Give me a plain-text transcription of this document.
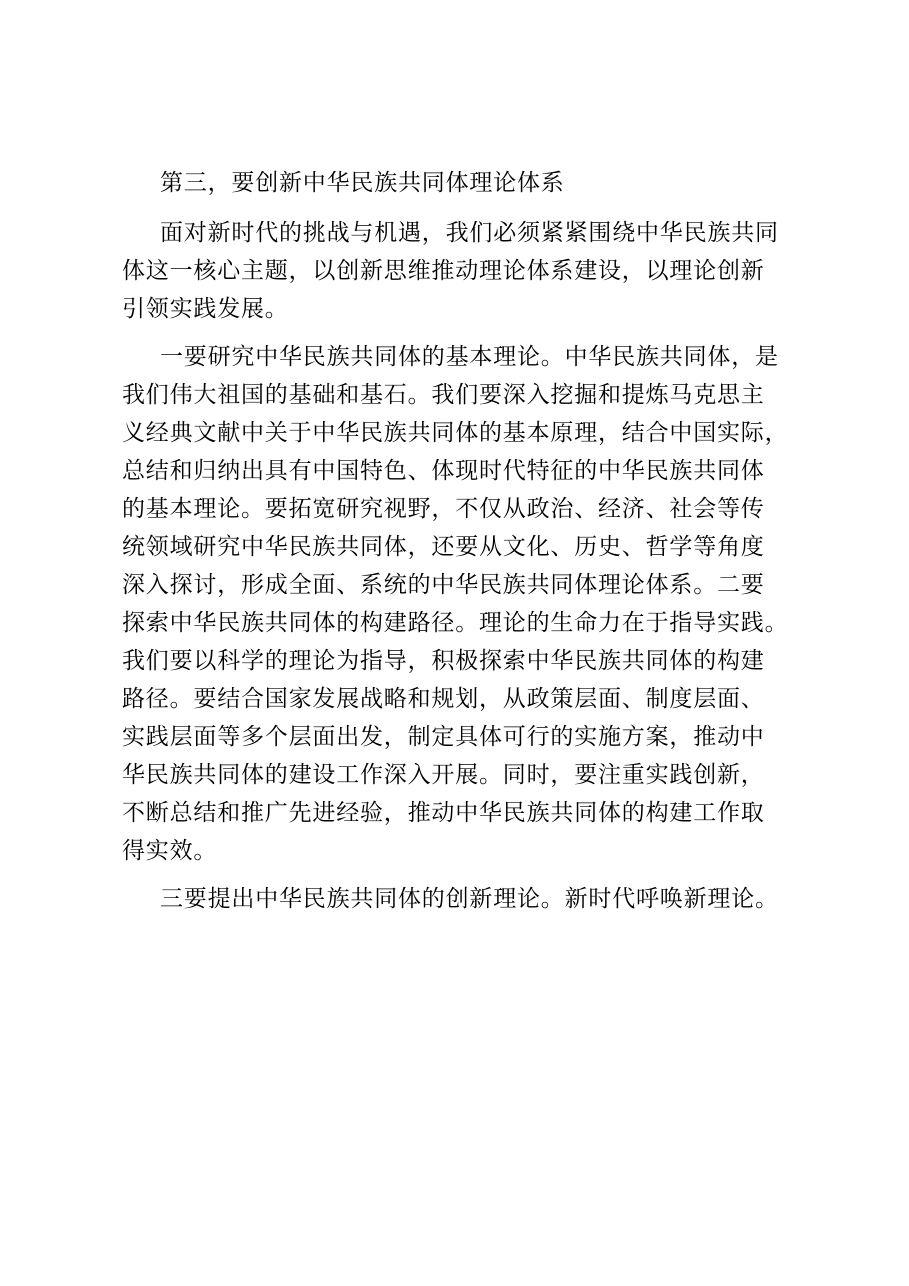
第三，要创新中华民族共同体理论体系
面对新时代的挑战与机遇，我们必须紧紧围绕中华民族共同
体这一核心主题，以创新思维推动理论体系建设，以理论创新
引领实践发展。
一要研究中华民族共同体的基本理论。中华民族共同体，是
我们伟大祖国的基础和基石。我们要深入挖掘和提炼马克思主
义经典文献中关于中华民族共同体的基本原理，结合中国实际，
总结和归纳出具有中国特色、体现时代特征的中华民族共同体
的基本理论。要拓宽研究视野，不仅从政治、经济、社会等传
统领域研究中华民族共同体，还要从文化、历史、哲学等角度
深入探讨，形成全面、系统的中华民族共同体理论体系。二要
探索中华民族共同体的构建路径。理论的生命力在于指导实践。
我们要以科学的理论为指导，积极探索中华民族共同体的构建
路径。要结合国家发展战略和规划，从政策层面、制度层面、
实践层面等多个层面出发，制定具体可行的实施方案，推动中
华民族共同体的建设工作深入开展。同时，要注重实践创新，
不断总结和推广先进经验，推动中华民族共同体的构建工作取
得实效。
三要提出中华民族共同体的创新理论。新时代呼唤新理论。
